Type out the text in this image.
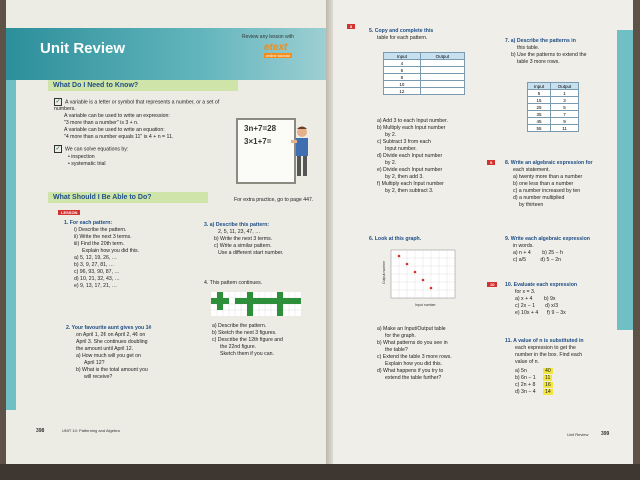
Unit Review
Review any lesson with
etext
online tutorial
What Do I Need to Know?
✓ A variable is a letter or symbol that represents a number, or a set of numbers.
A variable can be used to write an expression:
"3 more than a number" is 3 + n.
A variable can be used to write an equation:
"4 more than a number equals 11" is 4 + n = 11.
✓ We can solve equations by:
• inspection
• systematic trial
3n+7=28
3×1+7=
What Should I Be Able to Do?	For extra practice, go to page 447.
LESSON
1. For each pattern:
i) Describe the pattern.
ii) Write the next 3 terms.
iii) Find the 20th term.
Explain how you did this.
a) 5, 12, 19, 26, …
b) 3, 9, 27, 81, …
c) 96, 93, 90, 87, …
d) 10, 21, 32, 43, …
e) 9, 13, 17, 21, …
2. Your favourite aunt gives you 1¢
on April 1, 2¢ on April 2, 4¢ on
April 3. She continues doubling
the amount until April 12.
a) How much will you get on
April 12?
b) What is the total amount you
will receive?
3. a) Describe this pattern:
2, 5, 11, 23, 47, …
b) Write the next 3 terms.
c) Write a similar pattern.
Use a different start number.
4. This pattern continues.
a) Describe the pattern.
b) Sketch the next 3 figures.
c) Describe the 12th figure and
the 22nd figure.
Sketch them if you can.
398	UNIT 10: Patterning and Algebra
8
5. Copy and complete this
table for each pattern.
Input	Output
4	
6	
8	
10	
12	
a) Add 3 to each Input number.
b) Multiply each Input number
by 2.
c) Subtract 3 from each
Input number.
d) Divide each Input number
by 2.
e) Divide each Input number
by 2, then add 3.
f) Multiply each Input number
by 2, then subtract 3.
6. Look at this graph.
Output number
Input number
a) Make an Input/Output table
for the graph.
b) What patterns do you see in
the table?
c) Extend the table 3 more rows.
Explain how you did this.
d) What happens if you try to
extend the table further?
7. a) Describe the patterns in
this table.
b) Use the patterns to extend the
table 3 more rows.
Input	Output
5	1
15	3
25	5
35	7
45	9
55	11
9	8. Write an algebraic expression for
each statement.
a) twenty more than a number
b) one less than a number
c) a number increased by ten
d) a number multiplied
by thirteen
9. Write each algebraic expression
in words.
a) n + 4        b) 25 − h
c) a/5          d) 5 − 2n
10	10. Evaluate each expression
for x = 3.
a) x + 4        b) 9x
c) 2x − 1       d) x/3
e) 10x + 4      f) 9 − 3x
11. A value of n is substituted in
each expression to get the
number in the box. Find each
value of n.
a) 5n	40
b) 6n − 1 11
c) 2n + 8 16
d) 3n − 4 14
Unit Review	399
